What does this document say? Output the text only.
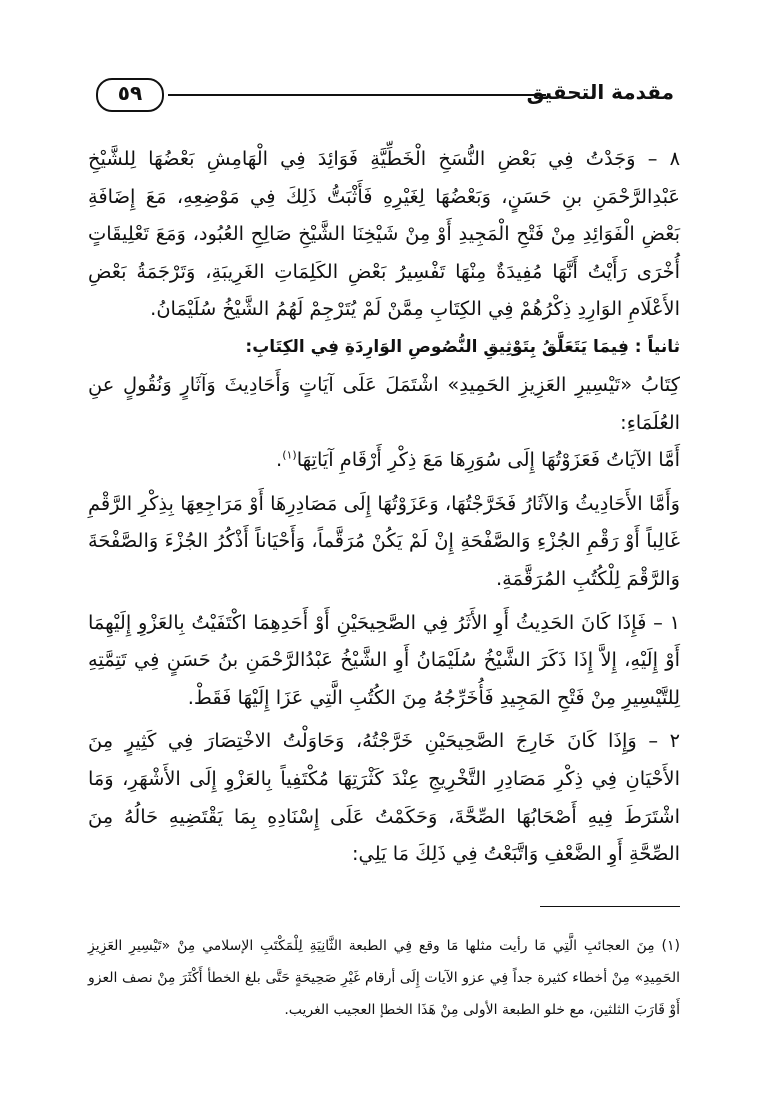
مقدمة التحقيق
٥٩

٨ – وَجَدْتُ فِي بَعْضِ النُّسَخِ الْخَطِّيَّةِ فَوَائِدَ فِي الْهَامِشِ بَعْضُهَا لِلشَّيْخِ عَبْدِالرَّحْمَنِ بنِ حَسَنٍ، وَبَعْضُهَا لِغَيْرِهِ فَأَثْبَتُّ ذَلِكَ فِي مَوْضِعِهِ، مَعَ إِضَافَةِ بَعْضِ الْفَوَائِدِ مِنْ فَتْحِ الْمَجِيدِ أَوْ مِنْ شَيْخِنَا الشَّيْخِ صَالِحِ العُبُود، وَمَعَ تَعْلِيقَاتٍ أُخْرَى رَأَيْتُ أَنَّهَا مُفِيدَةٌ مِنْهَا تَفْسِيرُ بَعْضِ الكَلِمَاتِ الغَرِيبَةِ، وَتَرْجَمَةُ بَعْضِ الأَعْلَامِ الوَارِدِ ذِكْرُهُمْ فِي الكِتَابِ مِمَّنْ لَمْ يُتَرْجِمْ لَهُمُ الشَّيْخُ سُلَيْمَانُ.

ثانياً : فِيمَا يَتَعَلَّقُ بِتَوْثِيقِ النُّصُوصِ الوَارِدَةِ فِي الكِتَابِ:

كِتَابُ «تَيْسِيرِ العَزِيزِ الحَمِيدِ» اشْتَمَلَ عَلَى آيَاتٍ وَأَحَادِيثَ وَآثَارٍ وَنُقُولٍ عنِ العُلَمَاءِ:

أَمَّا الآيَاتُ فَعَزَوْتُهَا إِلَى سُوَرِهَا مَعَ ذِكْرِ أَرْقَامِ آيَاتِهَا$^{(١)}$.

وَأَمَّا الأَحَادِيثُ وَالآثَارُ فَخَرَّجْتُهَا، وَعَزَوْتُهَا إِلَى مَصَادِرِهَا أَوْ مَرَاجِعِهَا بِذِكْرِ الرَّقْمِ غَالِباً أَوْ رَقْمِ الجُزْءِ وَالصَّفْحَةِ إِنْ لَمْ يَكُنْ مُرَقَّماً، وَأَحْيَاناً أَذْكُرُ الجُزْءَ وَالصَّفْحَةَ وَالرَّقْمَ لِلْكُتُبِ المُرَقَّمَةِ.

١ – فَإِذَا كَانَ الحَدِيثُ أَوِ الأَثَرُ فِي الصَّحِيحَيْنِ أَوْ أَحَدِهِمَا اكْتَفَيْتُ بِالعَزْوِ إِلَيْهِمَا أَوْ إِلَيْهِ، إِلاَّ إِذَا ذَكَرَ الشَّيْخُ سُلَيْمَانُ أَوِ الشَّيْخُ عَبْدُالرَّحْمَنِ بنُ حَسَنٍ فِي تَتِمَّتِهِ لِلتَّيْسِيرِ مِنْ فَتْحِ المَجِيدِ فَأُخَرِّجُهُ مِنَ الكُتُبِ الَّتِي عَزَا إِلَيْهَا فَقَطْ.

٢ – وَإِذَا كَانَ خَارِجَ الصَّحِيحَيْنِ خَرَّجْتُهُ، وَحَاوَلْتُ الاخْتِصَارَ فِي كَثِيرٍ مِنَ الأَحْيَانِ فِي ذِكْرِ مَصَادِرِ التَّخْرِيجِ عِنْدَ كَثْرَتِهَا مُكْتَفِياً بِالعَزْوِ إِلَى الأَشْهَرِ، وَمَا اشْتَرَطَ فِيهِ أَصْحَابُهَا الصِّحَّةَ، وَحَكَمْتُ عَلَى إِسْنَادِهِ بِمَا يَقْتَضِيهِ حَالُهُ مِنَ الصِّحَّةِ أَوِ الضَّعْفِ وَاتَّبَعْتُ فِي ذَلِكَ مَا يَلِي:

(١) مِنَ العجائبِ الَّتِي مَا رأيت مثلها مَا وقع فِي الطبعة الثَّانِيَةِ لِلْمَكْتَبِ الإسلامي مِنْ «تَيْسِيرِ العَزِيزِ الحَمِيدِ» مِنْ أخطاء كثيرة جداً فِي عزو الآيات إِلَى أرقام غَيْرِ صَحِيحَةٍ حَتَّى بلغ الخطأ أَكْثَرَ مِنْ نصف العزو أَوْ قَارَبَ الثلثين، مع خلو الطبعة الأولى مِنْ هَذَا الخطإ العجيب الغريب.
